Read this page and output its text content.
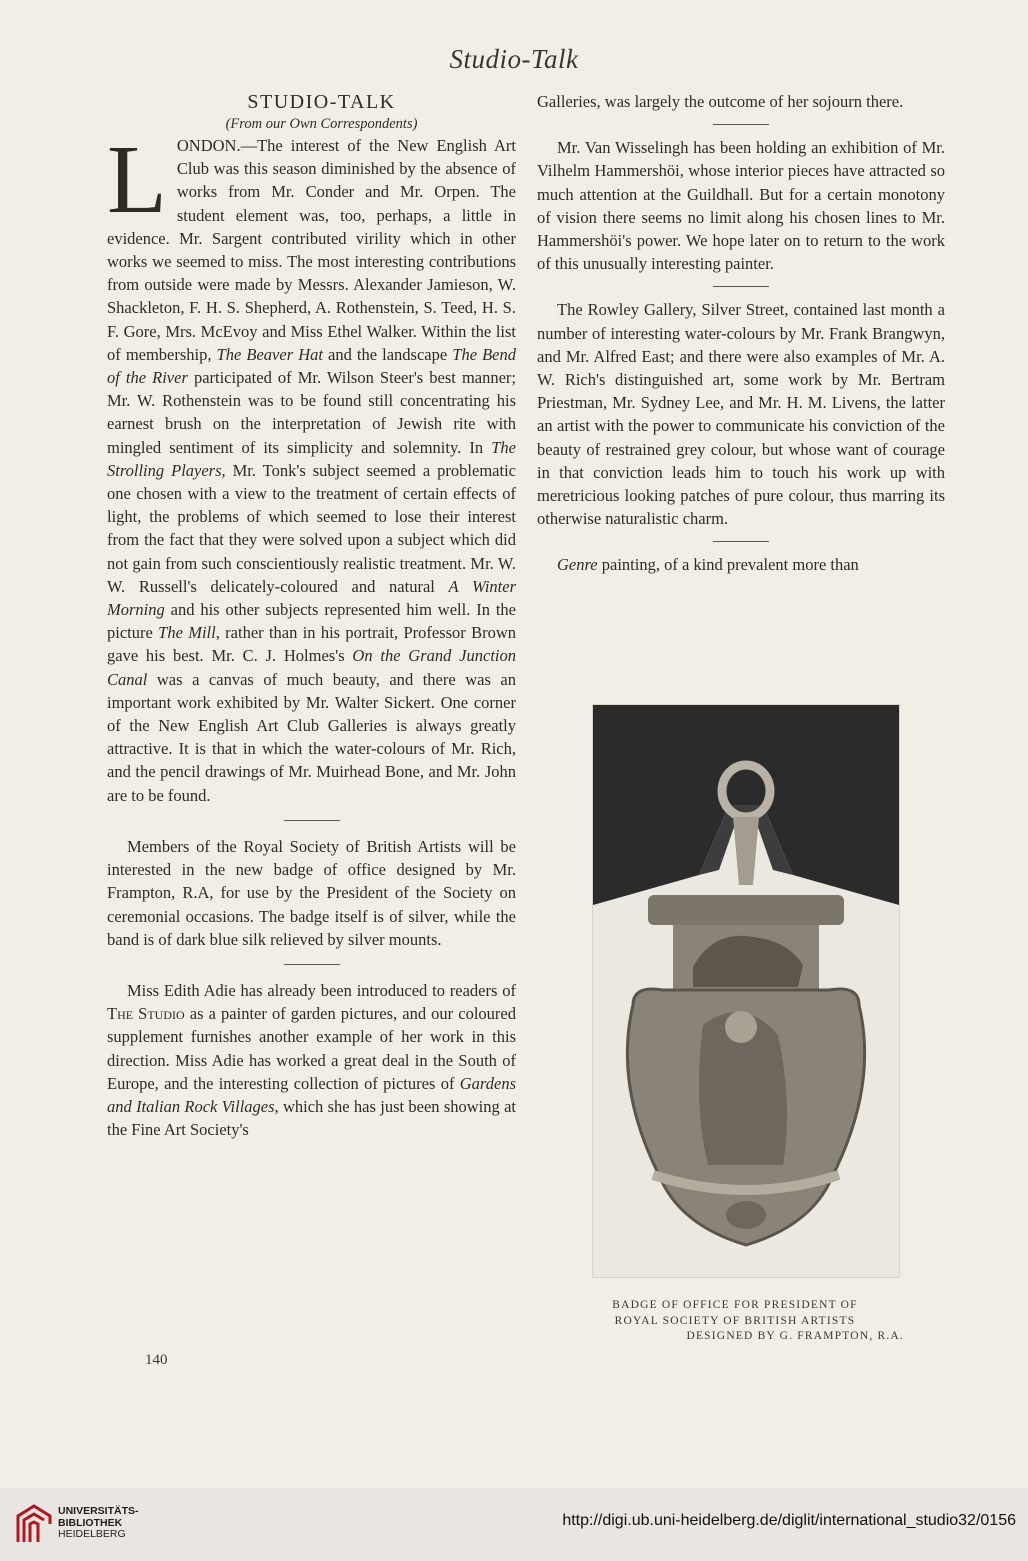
Studio-Talk

STUDIO-TALK

(From our Own Correspondents)

LONDON.—The interest of the New English Art Club was this season diminished by the absence of works from Mr. Conder and Mr. Orpen. The student element was, too, perhaps, a little in evidence. Mr. Sargent contributed virility which in other works we seemed to miss. The most interesting contributions from outside were made by Messrs. Alexander Jamieson, W. Shackleton, F. H. S. Shepherd, A. Rothenstein, S. Teed, H. S. F. Gore, Mrs. McEvoy and Miss Ethel Walker. Within the list of membership, The Beaver Hat and the landscape The Bend of the River participated of Mr. Wilson Steer's best manner; Mr. W. Rothenstein was to be found still concentrating his earnest brush on the interpretation of Jewish rite with mingled sentiment of its simplicity and solemnity. In The Strolling Players, Mr. Tonk's subject seemed a problematic one chosen with a view to the treatment of certain effects of light, the problems of which seemed to lose their interest from the fact that they were solved upon a subject which did not gain from such conscientiously realistic treatment. Mr. W. W. Russell's delicately-coloured and natural A Winter Morning and his other subjects represented him well. In the picture The Mill, rather than in his portrait, Professor Brown gave his best. Mr. C. J. Holmes's On the Grand Junction Canal was a canvas of much beauty, and there was an important work exhibited by Mr. Walter Sickert. One corner of the New English Art Club Galleries is always greatly attractive. It is that in which the water-colours of Mr. Rich, and the pencil drawings of Mr. Muirhead Bone, and Mr. John are to be found.

Members of the Royal Society of British Artists will be interested in the new badge of office designed by Mr. Frampton, R.A, for use by the President of the Society on ceremonial occasions. The badge itself is of silver, while the band is of dark blue silk relieved by silver mounts.

Miss Edith Adie has already been introduced to readers of The Studio as a painter of garden pictures, and our coloured supplement furnishes another example of her work in this direction. Miss Adie has worked a great deal in the South of Europe, and the interesting collection of pictures of Gardens and Italian Rock Villages, which she has just been showing at the Fine Art Society's

Galleries, was largely the outcome of her sojourn there.

Mr. Van Wisselingh has been holding an exhibition of Mr. Vilhelm Hammershöi, whose interior pieces have attracted so much attention at the Guildhall. But for a certain monotony of vision there seems no limit along his chosen lines to Mr. Hammershöi's power. We hope later on to return to the work of this unusually interesting painter.

The Rowley Gallery, Silver Street, contained last month a number of interesting water-colours by Mr. Frank Brangwyn, and Mr. Alfred East; and there were also examples of Mr. A. W. Rich's distinguished art, some work by Mr. Bertram Priestman, Mr. Sydney Lee, and Mr. H. M. Livens, the latter an artist with the power to communicate his conviction of the beauty of restrained grey colour, but whose want of courage in that conviction leads him to touch his work up with meretricious looking patches of pure colour, thus marring its otherwise naturalistic charm.

Genre painting, of a kind prevalent more than

BADGE OF OFFICE FOR PRESIDENT OF
ROYAL SOCIETY OF BRITISH ARTISTS
DESIGNED BY G. FRAMPTON, R.A.
140
UNIVERSITÄTS-
BIBLIOTHEK
HEIDELBERG
http://digi.ub.uni-heidelberg.de/diglit/international_studio32/0156
